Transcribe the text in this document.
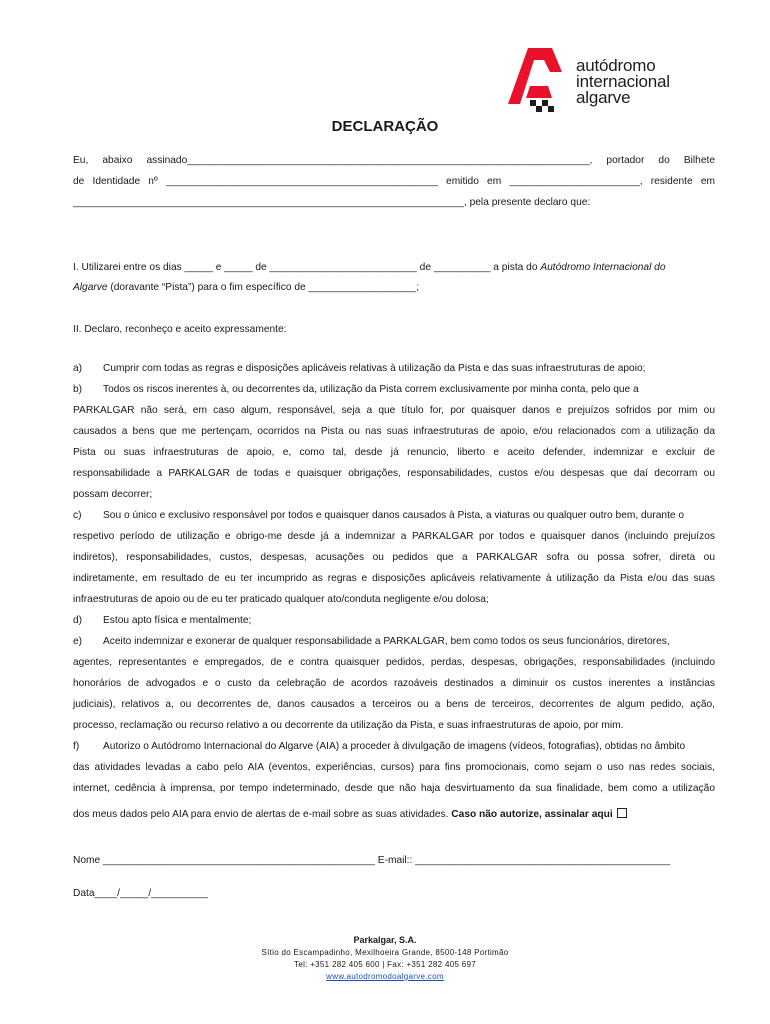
autódromo
internacional
algarve
DECLARAÇÃO
Eu, abaixo assinado_______________________________________________________________________, portador do Bilhete
de Identidade nº ________________________________________________ emitido em _______________________, residente em
_____________________________________________________________________, pela presente declaro que:
I. Utilizarei entre os dias _____ e _____ de __________________________ de __________ a pista do Autódromo Internacional do
Algarve (doravante “Pista”) para o fim específico de ___________________;
II. Declaro, reconheço e aceito expressamente:
a) Cumprir com todas as regras e disposições aplicáveis relativas à utilização da Pista e das suas infraestruturas de apoio;
b) Todos os riscos inerentes à, ou decorrentes da, utilização da Pista correm exclusivamente por minha conta, pelo que a
PARKALGAR não será, em caso algum, responsável, seja a que título for, por quaisquer danos e prejuízos sofridos por mim ou
causados a bens que me pertençam, ocorridos na Pista ou nas suas infraestruturas de apoio, e/ou relacionados com a utilização da
Pista ou suas infraestruturas de apoio, e, como tal, desde já renuncio, liberto e aceito defender, indemnizar e excluir de
responsabilidade a PARKALGAR de todas e quaisquer obrigações, responsabilidades, custos e/ou despesas que daí decorram ou
possam decorrer;
c) Sou o único e exclusivo responsável por todos e quaisquer danos causados à Pista, a viaturas ou qualquer outro bem, durante o
respetivo período de utilização e obrigo-me desde já a indemnizar a PARKALGAR por todos e quaisquer danos (incluindo prejuízos
indiretos), responsabilidades, custos, despesas, acusações ou pedidos que a PARKALGAR sofra ou possa sofrer, direta ou
indiretamente, em resultado de eu ter incumprido as regras e disposições aplicáveis relativamente à utilização da Pista e/ou das suas
infraestruturas de apoio ou de eu ter praticado qualquer ato/conduta negligente e/ou dolosa;
d) Estou apto física e mentalmente;
e) Aceito indemnizar e exonerar de qualquer responsabilidade a PARKALGAR, bem como todos os seus funcionários, diretores,
agentes, representantes e empregados, de e contra quaisquer pedidos, perdas, despesas, obrigações, responsabilidades (incluindo
honorários de advogados e o custo da celebração de acordos razoáveis destinados a diminuir os custos inerentes a instâncias
judiciais), relativos a, ou decorrentes de, danos causados a terceiros ou a bens de terceiros, decorrentes de algum pedido, ação,
processo, reclamação ou recurso relativo a ou decorrente da utilização da Pista, e suas infraestruturas de apoio, por mim.
f) Autorizo o Autódromo Internacional do Algarve (AIA) a proceder à divulgação de imagens (vídeos, fotografias), obtidas no âmbito
das atividades levadas a cabo pelo AIA (eventos, experiências, cursos) para fins promocionais, como sejam o uso nas redes sociais,
internet, cedência à imprensa, por tempo indeterminado, desde que não haja desvirtuamento da sua finalidade, bem como a utilização
dos meus dados pelo AIA para envio de alertas de e-mail sobre as suas atividades. Caso não autorize, assinalar aqui
Nome ________________________________________________ E-mail:: _____________________________________________
Data____/_____/__________
Parkalgar, S.A.
Sítio do Escampadinho, Mexilhoeira Grande, 8500-148 Portimão
Tel: +351 282 405 600 | Fax: +351 282 405 697
www.autodromodoalgarve.com
